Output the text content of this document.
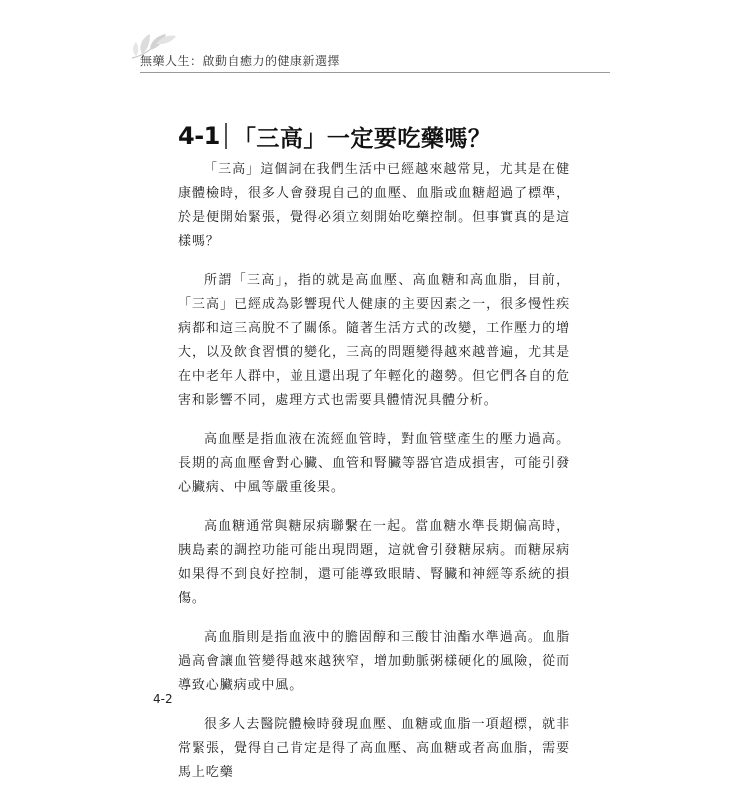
無藥人生：啟動自癒力的健康新選擇
4-1 「三高」一定要吃藥嗎？

「三高」這個詞在我們生活中已經越來越常見，尤其是在健康體檢時，很多人會發現自己的血壓、血脂或血糖超過了標準，於是便開始緊張，覺得必須立刻開始吃藥控制。但事實真的是這樣嗎？

所謂「三高」，指的就是高血壓、高血糖和高血脂，目前，「三高」已經成為影響現代人健康的主要因素之一，很多慢性疾病都和這三高脫不了關係。隨著生活方式的改變，工作壓力的增大，以及飲食習慣的變化，三高的問題變得越來越普遍，尤其是在中老年人群中，並且還出現了年輕化的趨勢。但它們各自的危害和影響不同，處理方式也需要具體情況具體分析。

高血壓是指血液在流經血管時，對血管壁產生的壓力過高。長期的高血壓會對心臟、血管和腎臟等器官造成損害，可能引發心臟病、中風等嚴重後果。

高血糖通常與糖尿病聯繫在一起。當血糖水準長期偏高時，胰島素的調控功能可能出現問題，這就會引發糖尿病。而糖尿病如果得不到良好控制，還可能導致眼睛、腎臟和神經等系統的損傷。

高血脂則是指血液中的膽固醇和三酸甘油酯水準過高。血脂過高會讓血管變得越來越狹窄，增加動脈粥樣硬化的風險，從而導致心臟病或中風。

很多人去醫院體檢時發現血壓、血糖或血脂一項超標，就非常緊張，覺得自己肯定是得了高血壓、高血糖或者高血脂，需要馬上吃藥

4-2
